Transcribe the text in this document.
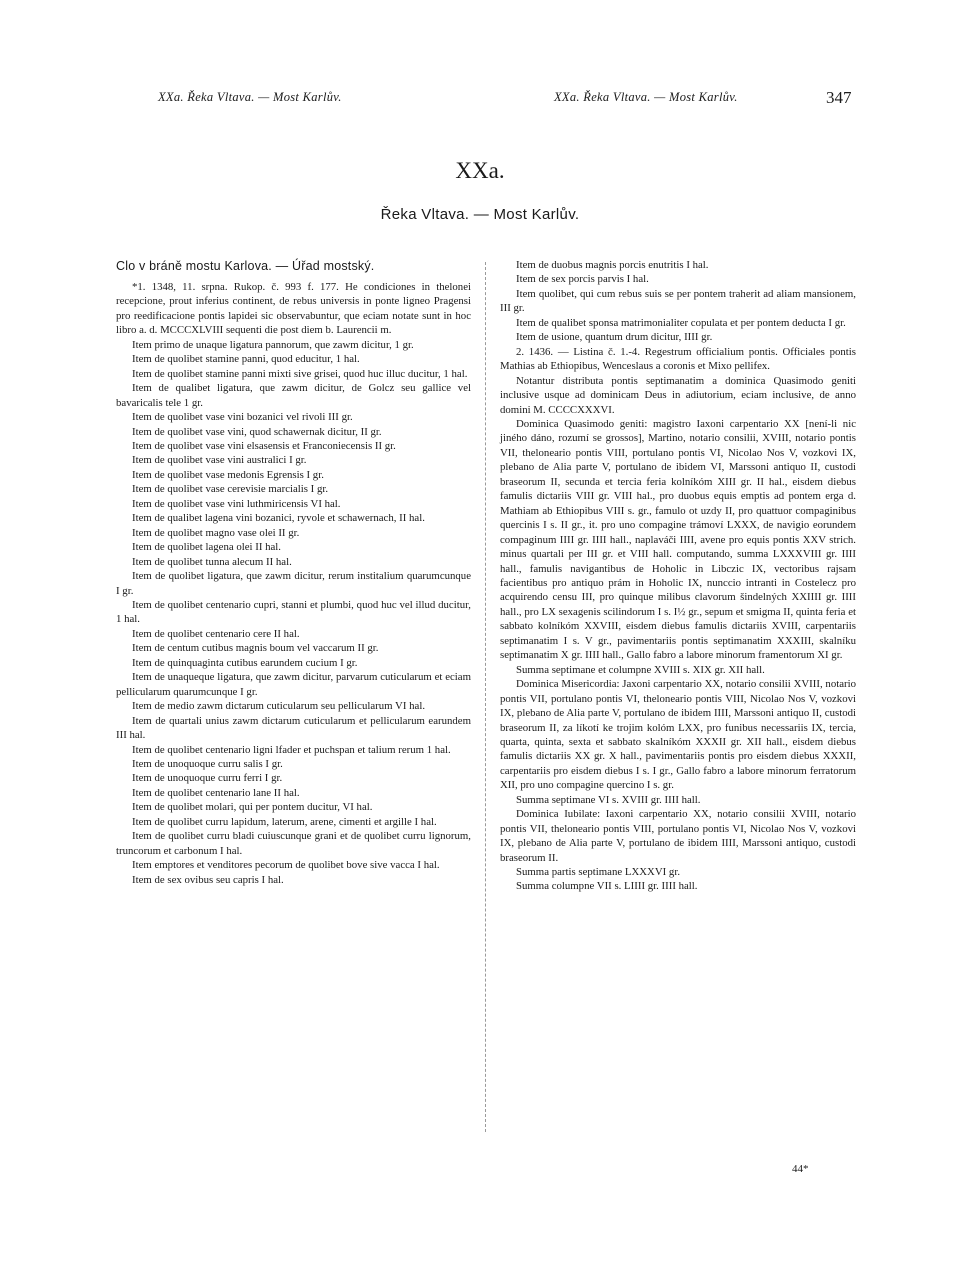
XXa. Řeka Vltava. — Most Karlův.	XXa. Řeka Vltava. — Most Karlův.	347
XXa.
Řeka Vltava. — Most Karlův.

Clo v bráně mostu Karlova. — Úřad mostský.

*1. 1348, 11. srpna. Rukop. č. 993 f. 177. He condiciones in thelonei recepcione, prout inferius continent, de rebus universis in ponte ligneo Pragensi pro reedificacione pontis lapidei sic observabuntur, que eciam notate sunt in hoc libro a. d. MCCCXLVIII sequenti die post diem b. Laurencii m.

Item primo de unaque ligatura pannorum, que zawm dicitur, 1 gr.

Item de quolibet stamine panni, quod educitur, 1 hal.

Item de quolibet stamine panni mixti sive grisei, quod huc illuc ducitur, 1 hal.

Item de qualibet ligatura, que zawm dicitur, de Golcz seu gallice vel bavaricalis tele 1 gr.

Item de quolibet vase vini bozanici vel rivoli III gr.

Item de quolibet vase vini, quod schawernak dicitur, II gr.

Item de quolibet vase vini elsasensis et Franconiecensis II gr.

Item de quolibet vase vini australici I gr.

Item de quolibet vase medonis Egrensis I gr.

Item de quolibet vase cerevisie marcialis I gr.

Item de quolibet vase vini luthmiricensis VI hal.

Item de qualibet lagena vini bozanici, ryvole et schawernach, II hal.

Item de quolibet magno vase olei II gr.

Item de quolibet lagena olei II hal.

Item de quolibet tunna alecum II hal.

Item de quolibet ligatura, que zawm dicitur, rerum institalium quarumcunque I gr.

Item de quolibet centenario cupri, stanni et plumbi, quod huc vel illud ducitur, 1 hal.

Item de quolibet centenario cere II hal.

Item de centum cutibus magnis boum vel vaccarum II gr.

Item de quinquaginta cutibus earundem cucium I gr.

Item de unaqueque ligatura, que zawm dicitur, parvarum cuticularum et eciam pellicularum quarumcunque I gr.

Item de medio zawm dictarum cuticularum seu pellicularum VI hal.

Item de quartali unius zawm dictarum cuticularum et pellicularum earundem III hal.

Item de quolibet centenario ligni lfader et puchspan et talium rerum 1 hal.

Item de unoquoque curru salis I gr.

Item de unoquoque curru ferri I gr.

Item de quolibet centenario lane II hal.

Item de quolibet molari, qui per pontem ducitur, VI hal.

Item de quolibet curru lapidum, laterum, arene, cimenti et argille I hal.

Item de quolibet curru bladi cuiuscunque grani et de quolibet curru lignorum, truncorum et carbonum I hal.

Item emptores et venditores pecorum de quolibet bove sive vacca I hal.

Item de sex ovibus seu capris I hal.

Item de duobus magnis porcis enutritis I hal.

Item de sex porcis parvis I hal.

Item quolibet, qui cum rebus suis se per pontem traherit ad aliam mansionem, III gr.

Item de qualibet sponsa matrimonialiter copulata et per pontem deducta I gr.

Item de usione, quantum drum dicitur, IIII gr.

2. 1436. — Listina č. 1.-4. Regestrum officialium pontis. Officiales pontis Mathias ab Ethiopibus, Wenceslaus a coronis et Mixo pellifex.

Notantur distributa pontis septimanatim a dominica Quasimodo geniti inclusive usque ad dominicam Deus in adiutorium, eciam inclusive, de anno domini M. CCCCXXXVI.

Dominica Quasimodo geniti: magistro Iaxoni carpentario XX [není-li nic jiného dáno, rozumí se grossos], Martino, notario consilii, XVIII, notario pontis VII, theloneario pontis VIII, portulano pontis VI, Nicolao Nos V, vozkovi IX, plebano de Alia parte V, portulano de ibidem VI, Marssoni antiquo II, custodi braseorum II, secunda et tercia feria kolníkóm XIII gr. II hal., eisdem diebus famulis dictariis VIII gr. VIII hal., pro duobus equis emptis ad pontem erga d. Mathiam ab Ethiopibus VIII s. gr., famulo ot uzdy II, pro quattuor compaginibus quercinis I s. II gr., it. pro uno compagine trámoví LXXX, de navigio eorundem compaginum IIII gr. IIII hall., naplaváči IIII, avene pro equis pontis XXV strich. minus quartali per III gr. et VIII hall. computando, summa LXXXVIII gr. IIII hall., famulis navigantibus de Hoholic in Libczic IX, vectoribus rajsam facientibus pro antiquo prám in Hoholic IX, nunccio intranti in Costelecz pro acquirendo censu III, pro quinque milibus clavorum šindelných XXIIII gr. IIII hall., pro LX sexagenis scilindorum I s. I½ gr., sepum et smigma II, quinta feria et sabbato kolníkóm XXVIII, eisdem diebus famulis dictariis XVIII, carpentariis septimanatim I s. V gr., pavimentariis pontis septimanatim XXXIII, skalníku septimanatim X gr. IIII hall., Gallo fabro a labore minorum framentorum XI gr.

Summa septimane et columpne XVIII s. XIX gr. XII hall.

Dominica Misericordia: Jaxoni carpentario XX, notario consilii XVIII, notario pontis VII, portulano pontis VI, theloneario pontis VIII, Nicolao Nos V, vozkovi IX, plebano de Alia parte V, portulano de ibidem IIII, Marssoni antiquo II, custodi braseorum II, za líkotí ke trojim kolóm LXX, pro funibus necessariis IX, tercia, quarta, quinta, sexta et sabbato skalníkóm XXXII gr. XII hall., eisdem diebus famulis dictariis XX gr. X hall., pavimentariis pontis pro eisdem diebus XXXII, carpentariis pro eisdem diebus I s. I gr., Gallo fabro a labore minorum ferratorum XII, pro uno compagine quercino I s. gr.

Summa septimane VI s. XVIII gr. IIII hall.

Dominica Iubilate: Iaxoni carpentario XX, notario consilii XVIII, notario pontis VII, theloneario pontis VIII, portulano pontis VI, Nicolao Nos V, vozkovi IX, plebano de Alia parte V, portulano de ibidem IIII, Marssoni antiquo, custodi braseorum II.

Summa partis septimane LXXXVI gr.

Summa columpne VII s. LIIII gr. IIII hall.

44*
